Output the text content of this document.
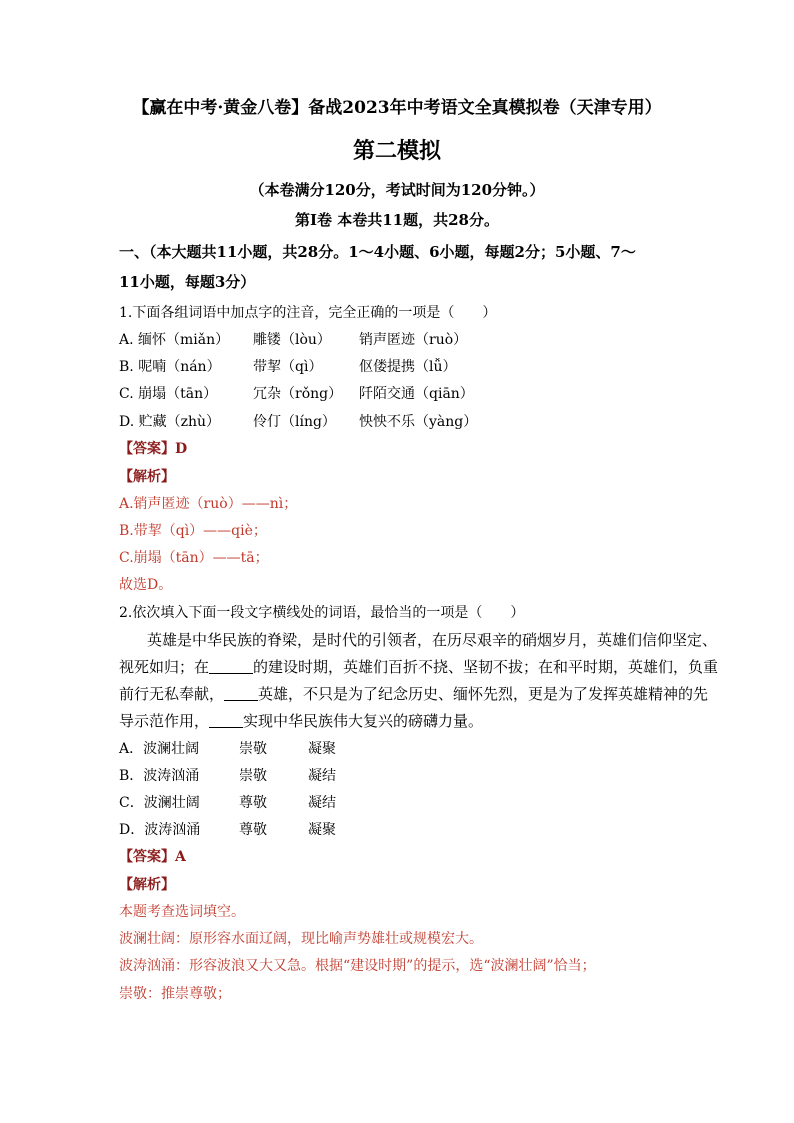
【赢在中考·黄金八卷】备战2023年中考语文全真模拟卷（天津专用）
第二模拟
（本卷满分120分，考试时间为120分钟。）
第Ⅰ卷 本卷共11题，共28分。
一、（本大题共11小题，共28分。1～4小题、6小题，每题2分；5小题、7～
11小题，每题3分）
1.下面各组词语中加点字的注音，完全正确的一项是（　　）
A. 缅怀（miǎn） 雕镂（lòu） 销声匿迹（ruò）
B. 呢喃（nán） 带挈（qì）	伛偻提携（lǚ）
C. 崩塌（tān）	冗杂（rǒng） 阡陌交通（qiān）
D. 贮藏（zhù） 伶仃（líng） 怏怏不乐（yàng）
【答案】D
【解析】
A.销声匿迹（ruò）——nì；
B.带挈（qì）——qiè；
C.崩塌（tān）——tā；
故选D。
2.依次填入下面一段文字横线处的词语，最恰当的一项是（　　）
英雄是中华民族的脊梁，是时代的引领者，在历尽艰辛的硝烟岁月，英雄们信仰坚定、
视死如归；在	的建设时期，英雄们百折不挠、坚韧不拔；在和平时期，英雄们，负重
前行无私奉献， 英雄，不只是为了纪念历史、缅怀先烈，更是为了发挥英雄精神的先
导示范作用， 实现中华民族伟大复兴的磅礴力量。
A．波澜壮阔	崇敬	凝聚
B．波涛汹涌	崇敬	凝结
C．波澜壮阔	尊敬	凝结
D．波涛汹涌	尊敬	凝聚
【答案】A
【解析】
本题考查选词填空。
波澜壮阔：原形容水面辽阔，现比喻声势雄壮或规模宏大。
波涛汹涌：形容波浪又大又急。根据“建设时期”的提示，选“波澜壮阔”恰当；
崇敬：推崇尊敬；
